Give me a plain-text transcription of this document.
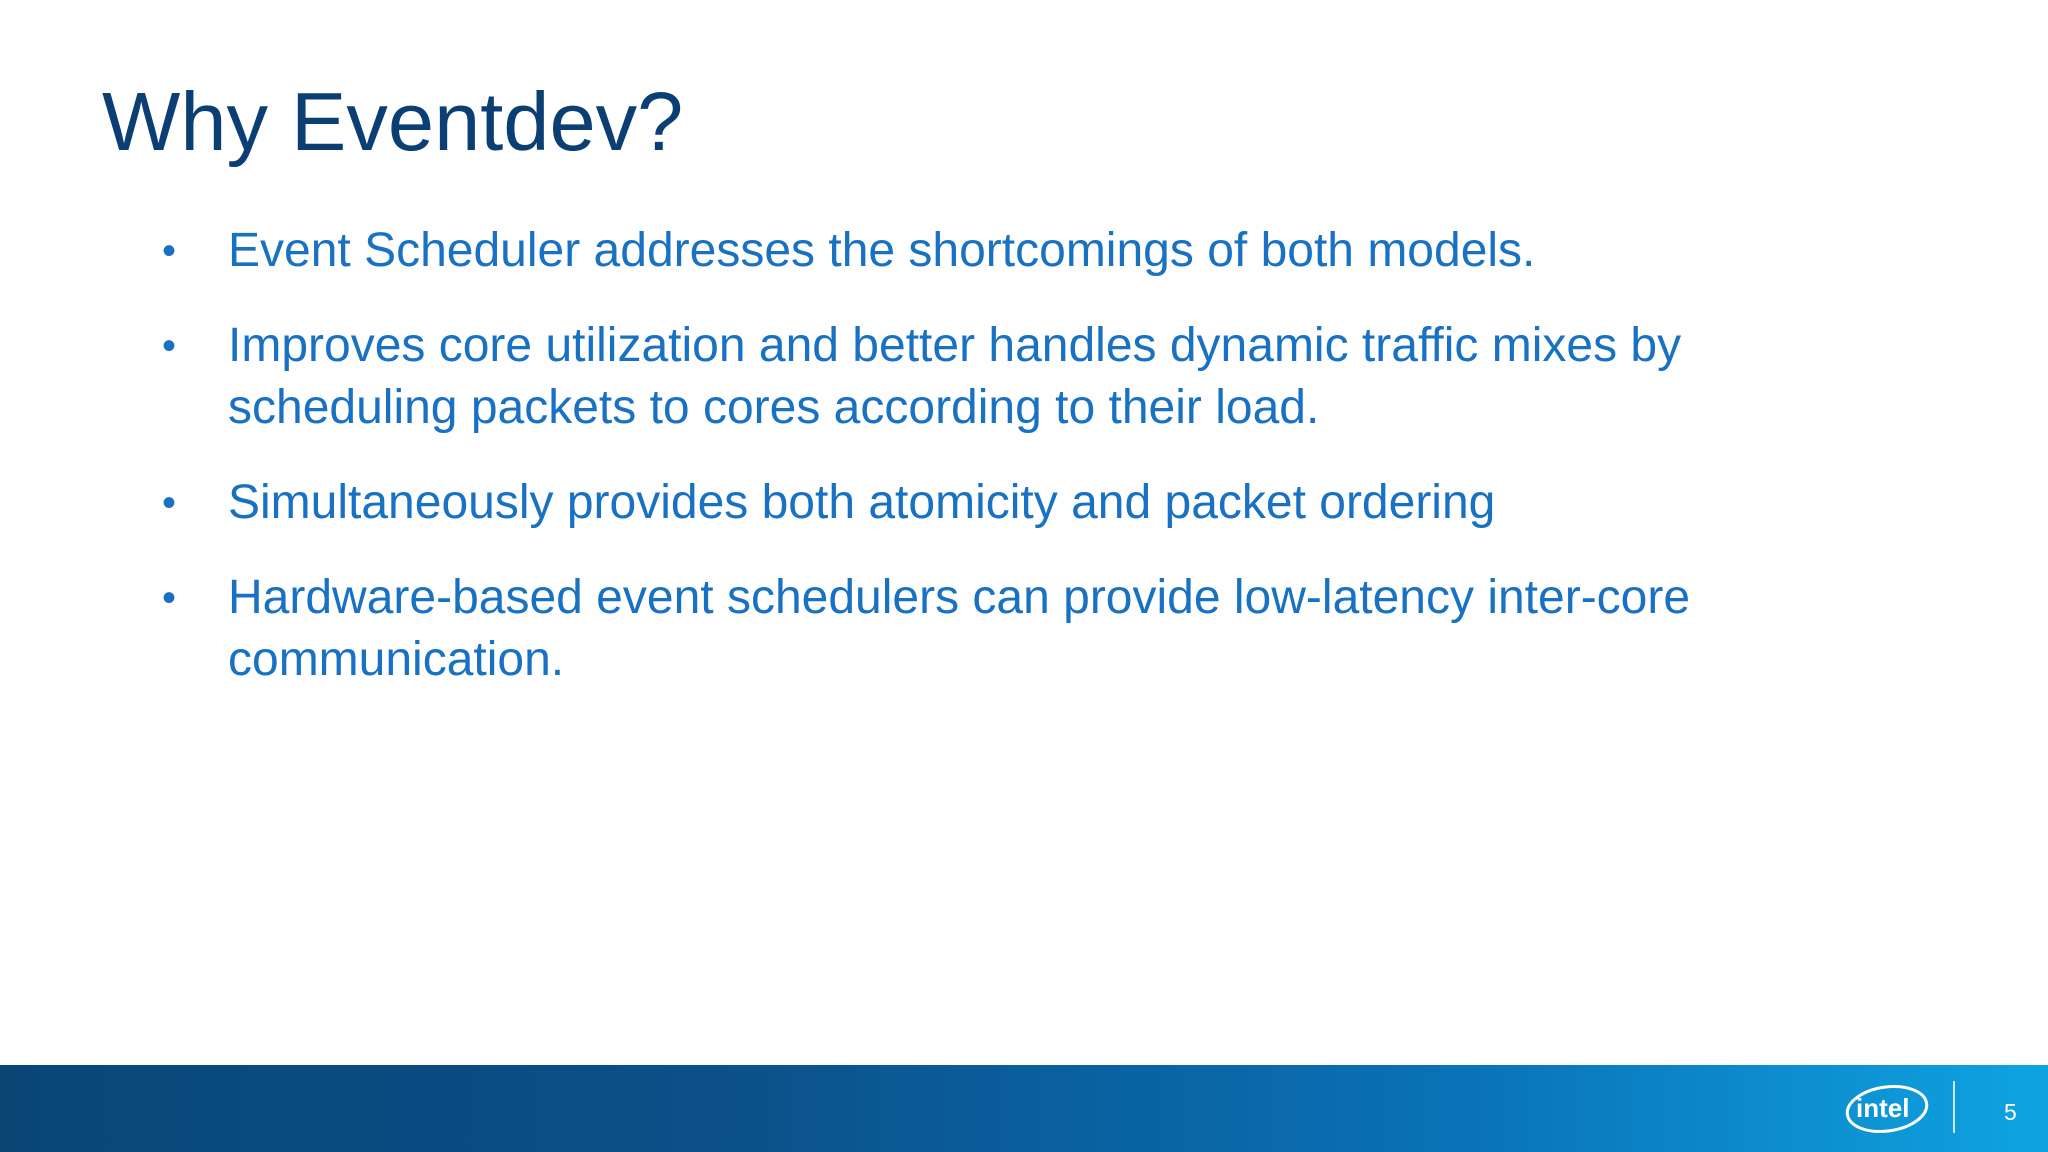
Why Eventdev?
•	Event Scheduler addresses the shortcomings of both models.
•	Improves core utilization and better handles dynamic traffic mixes by scheduling packets to cores according to their load.
•	Simultaneously provides both atomicity and packet ordering
•	Hardware-based event schedulers can provide low-latency inter-core communication.
intel	5
